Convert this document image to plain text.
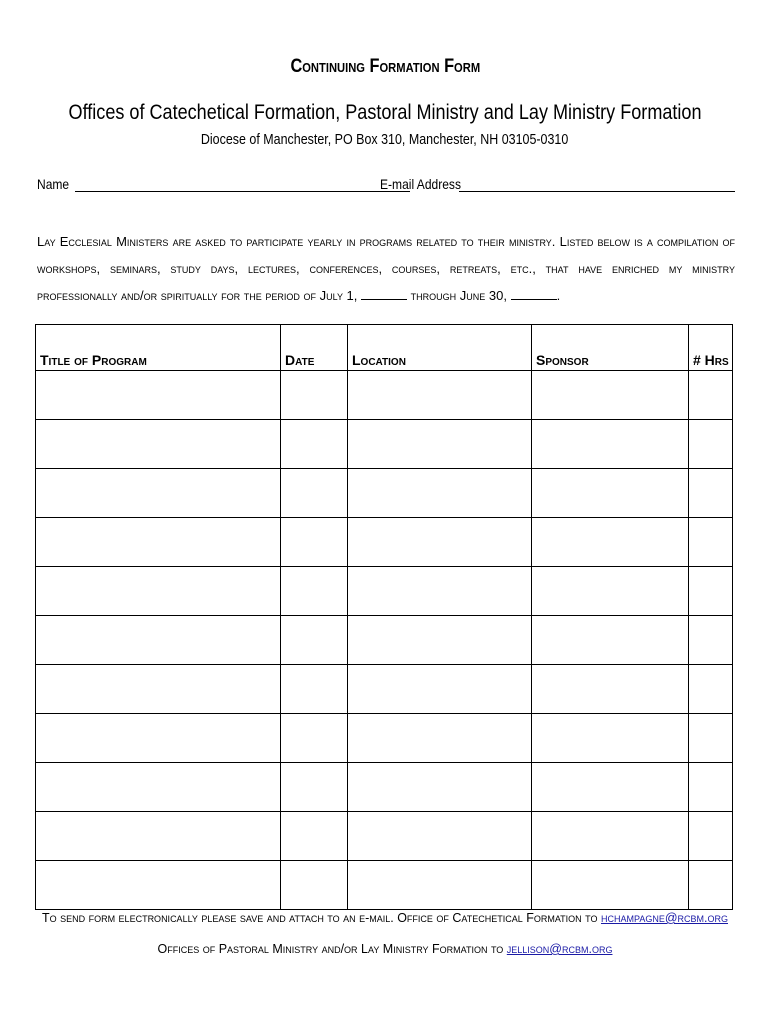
Continuing Formation Form
Offices of Catechetical Formation, Pastoral Ministry and Lay Ministry Formation
Diocese of Manchester, PO Box 310, Manchester, NH 03105-0310
Name	E-mail Address
Lay Ecclesial Ministers are asked to participate yearly in programs related to their ministry. Listed below is a compilation of workshops, seminars, study days, lectures, conferences, courses, retreats, etc., that have enriched my ministry professionally and/or spiritually for the period of July 1,	through June 30,	.
Title of Program	Date	Location	Sponsor	# Hrs

To send form electronically please save and attach to an e-mail. Office of Catechetical Formation to hchampagne@rcbm.org
Offices of Pastoral Ministry and/or Lay Ministry Formation to jellison@rcbm.org
